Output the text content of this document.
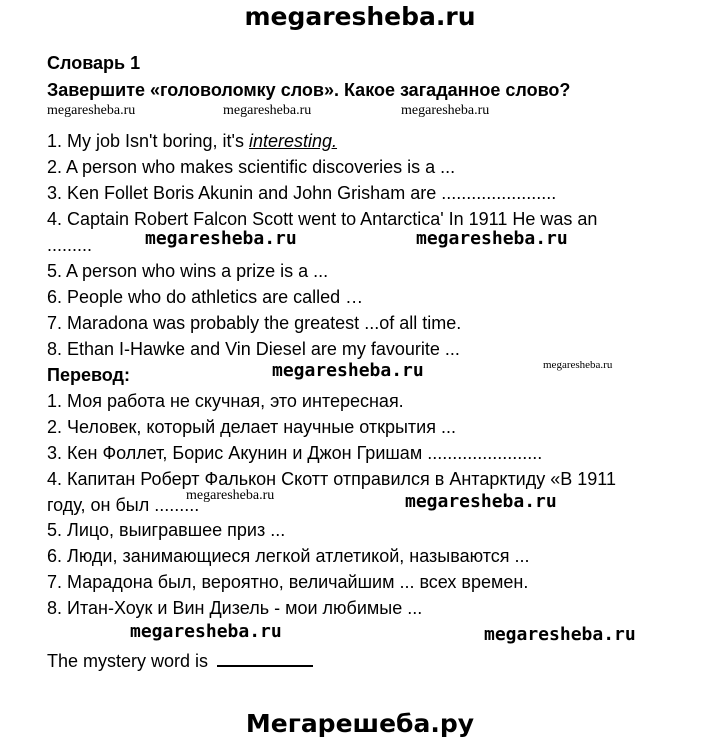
megaresheba.ru
Словарь 1
Завершите «головоломку слов». Какое загаданное слово?
megaresheba.ru	megaresheba.ru	megaresheba.ru
1. My job Isn't boring, it's interesting.
2. A person who makes scientific discoveries is a ...
3. Ken Follet Boris Akunin and John Grisham are .......................
4. Captain Robert Falcon Scott went to Antarctica' In 1911 He was an
.........	megaresheba.ru	megaresheba.ru
5. A person who wins a prize is a ...
6. People who do athletics are called …
7. Maradona was probably the greatest ...of all time.
8. Ethan I-Hawke and Vin Diesel are my favourite ...
megaresheba.ru
Перевод:	megaresheba.ru
1. Моя работа не скучная, это интересная.
2. Человек, который делает научные открытия ...
3. Кен Фоллет, Борис Акунин и Джон Гришам .......................
4. Капитан Роберт Фалькон Скотт отправился в Антарктиду «В 1911
году, он был .........
megaresheba.ru	megaresheba.ru
5. Лицо, выигравшее приз ...
6. Люди, занимающиеся легкой атлетикой, называются ...
7. Марадона был, вероятно, величайшим ... всех времен.
8. Итан-Хоук и Вин Дизель - мои любимые ...
megaresheba.ru	megaresheba.ru
The mystery word is
Мегарешеба.ру
